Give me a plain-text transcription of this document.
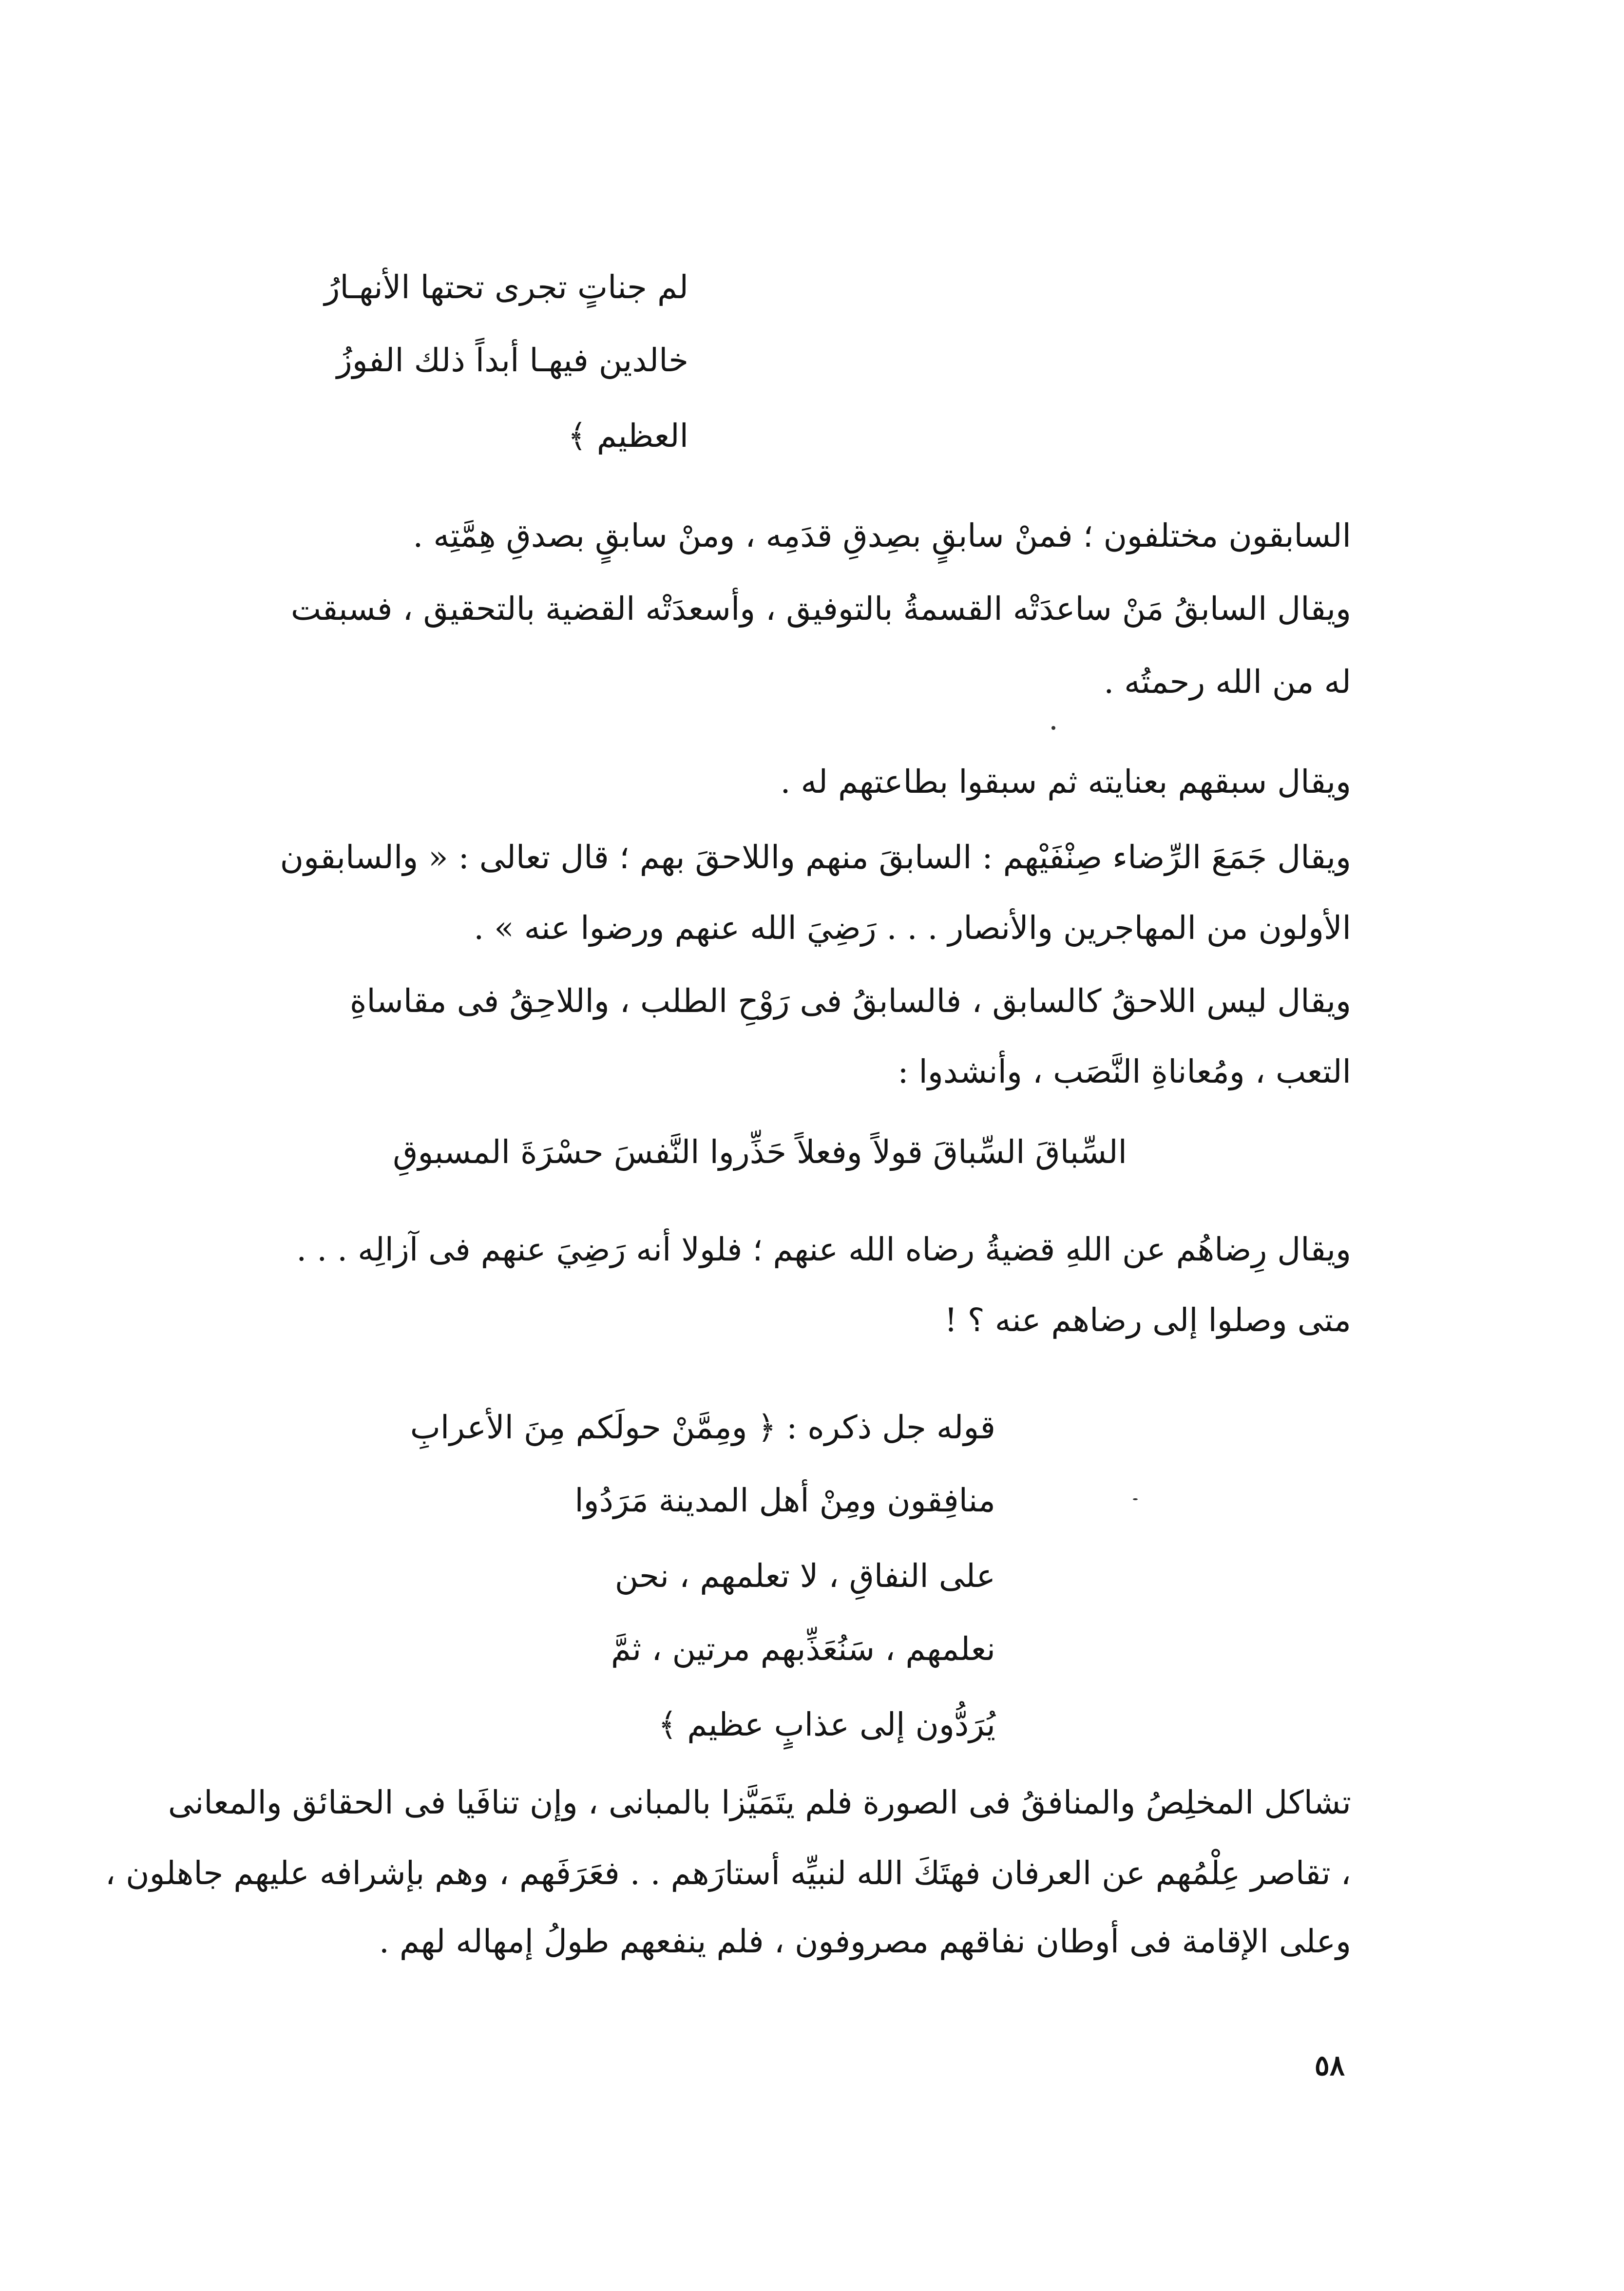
لم جناتٍ تجرى تحتها الأنهـارُ
خالدين فيهـا أبداً ذلك الفوزُ
العظيم ﴾
السابقون مختلفون ؛ فمنْ سابقٍ بصِدقِ قدَمِه ، ومنْ سابقٍ بصدقِ هِمَّتِه .
ويقال السابقُ مَنْ ساعدَتْه القسمةُ بالتوفيق ، وأسعدَتْه القضية بالتحقيق ، فسبقت
له من الله رحمتُه .
ويقال سبقهم بعنايته ثم سبقوا بطاعتهم له .
ويقال جَمَعَ الرِّضاء صِنْفَيْهم : السابقَ منهم واللاحقَ بهم ؛ قال تعالى : « والسابقون
الأولون من المهاجرين والأنصار . . . رَضِيَ الله عنهم ورضوا عنه » .
ويقال ليس اللاحقُ كالسابق ، فالسابقُ فى رَوْحِ الطلب ، واللاحِقُ فى مقاساةِ
التعب ، ومُعاناةِ النَّصَب ، وأنشدوا :
السِّباقَ السِّباقَ قولاً وفعلاً حَذِّروا النَّفسَ حسْرَةَ المسبوقِ
ويقال رِضاهُم عن اللهِ قضيةُ رضاه الله عنهم ؛ فلولا أنه رَضِيَ عنهم فى آزالِه . . .
متى وصلوا إلى رضاهم عنه ؟ !
قوله جل ذكره : ﴿ ومِمَّنْ حولَكم مِنَ الأعرابِ
منافِقون ومِنْ أهل المدينة مَرَدُوا
على النفاقِ ، لا تعلمهم ، نحن
نعلمهم ، سَنُعَذِّبهم مرتين ، ثمَّ
يُرَدُّون إلى عذابٍ عظيم ﴾
تشاكل المخلِصُ والمنافقُ فى الصورة فلم يتَمَيَّزا بالمبانى ، وإن تنافَيا فى الحقائق والمعانى
، تقاصر عِلْمُهم عن العرفان فهتَكَ الله لنبيِّه أستارَهم . . فعَرَفَهم ، وهم بإشرافه عليهم جاهلون ،
وعلى الإقامة فى أوطان نفاقهم مصروفون ، فلم ينفعهم طولُ إمهاله لهم .
٥٨
